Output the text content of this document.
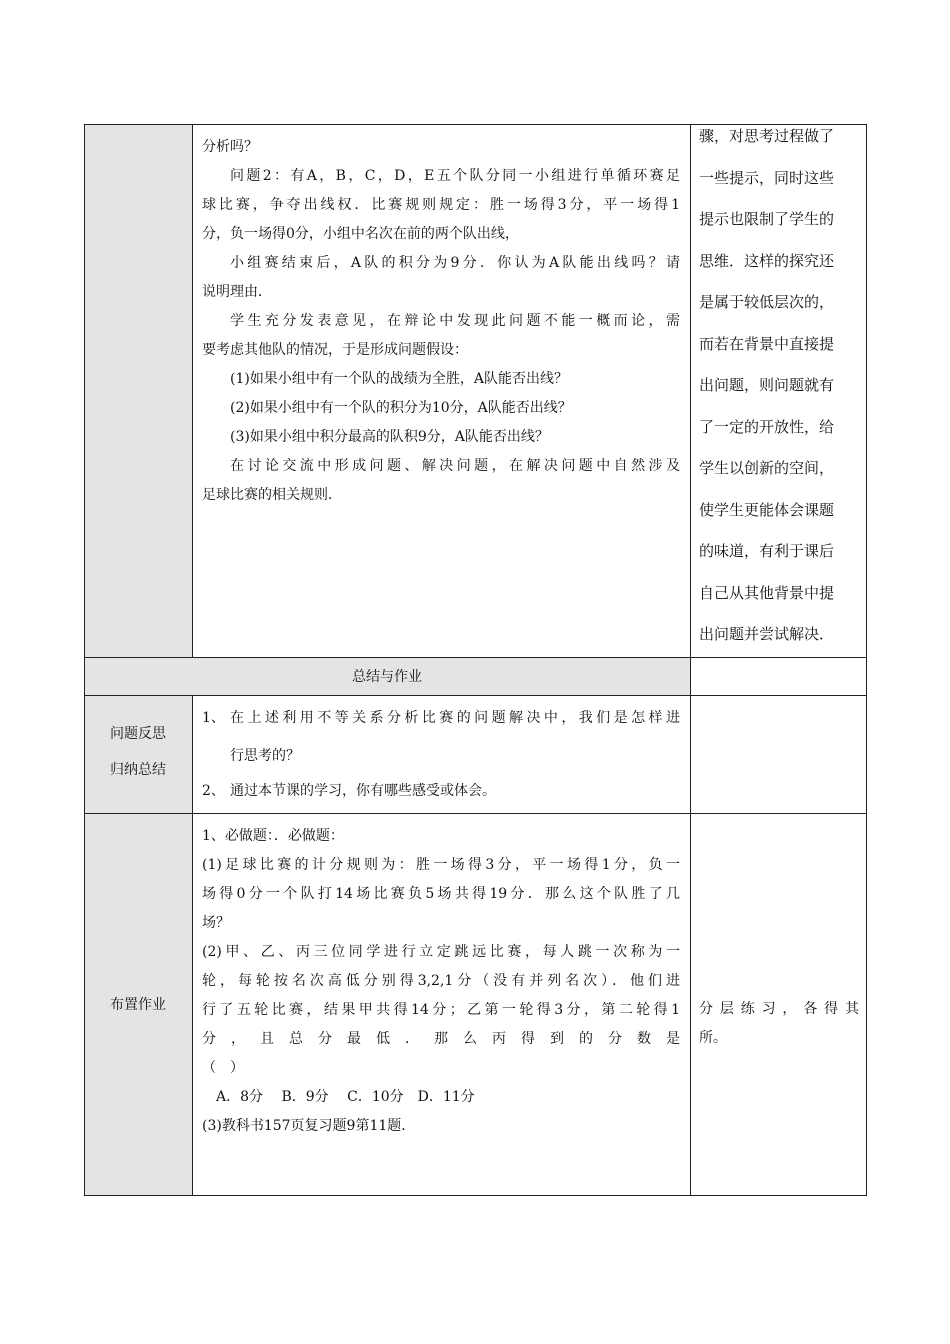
分析吗？

问题2：有A，B，C，D，E五个队分同一小组进行单循环赛足

球比赛，争夺出线权．比赛规则规定：胜一场得3分，平一场得1

分，负一场得0分，小组中名次在前的两个队出线，

小组赛结束后，A队的积分为9分．你认为A队能出线吗？请

说明理由．

学生充分发表意见，在辩论中发现此问题不能一概而论，需

要考虑其他队的情况，于是形成问题假设：

(1)如果小组中有一个队的战绩为全胜，A队能否出线？

(2)如果小组中有一个队的积分为10分，A队能否出线？

(3)如果小组中积分最高的队积9分，A队能否出线？

在讨论交流中形成问题、解决问题，在解决问题中自然涉及

足球比赛的相关规则．

骤，对思考过程做了

一些提示，同时这些

提示也限制了学生的

思维．这样的探究还

是属于较低层次的，

而若在背景中直接提

出问题，则问题就有

了一定的开放性，给

学生以创新的空间，

使学生更能体会课题

的味道，有利于课后

自己从其他背景中提

出问题并尝试解决．

总结与作业
问题反思
归纳总结
1、 在上述利用不等关系分析比赛的问题解决中，我们是怎样进
行思考的？
2、 通过本节课的学习，你有哪些感受或体会。
布置作业

1、必做题：．必做题：

(1)足球比赛的计分规则为：胜一场得3分，平一场得1分，负一

场得0分一个队打14场比赛负5场共得19分．那么这个队胜了几

场？

(2)甲、乙、丙三位同学进行立定跳远比赛，每人跳一次称为一

轮，每轮按名次高低分别得3,2,1分（没有并列名次）．他们进

行了五轮比赛，结果甲共得14分；乙第一轮得3分，第二轮得1

分，且总分最低．那么丙得到的分数是

（　）

A．8分　 B．9分　 C．10分　D．11分

(3)教科书157页复习题9第11题．

分层练习，各得其
所。
